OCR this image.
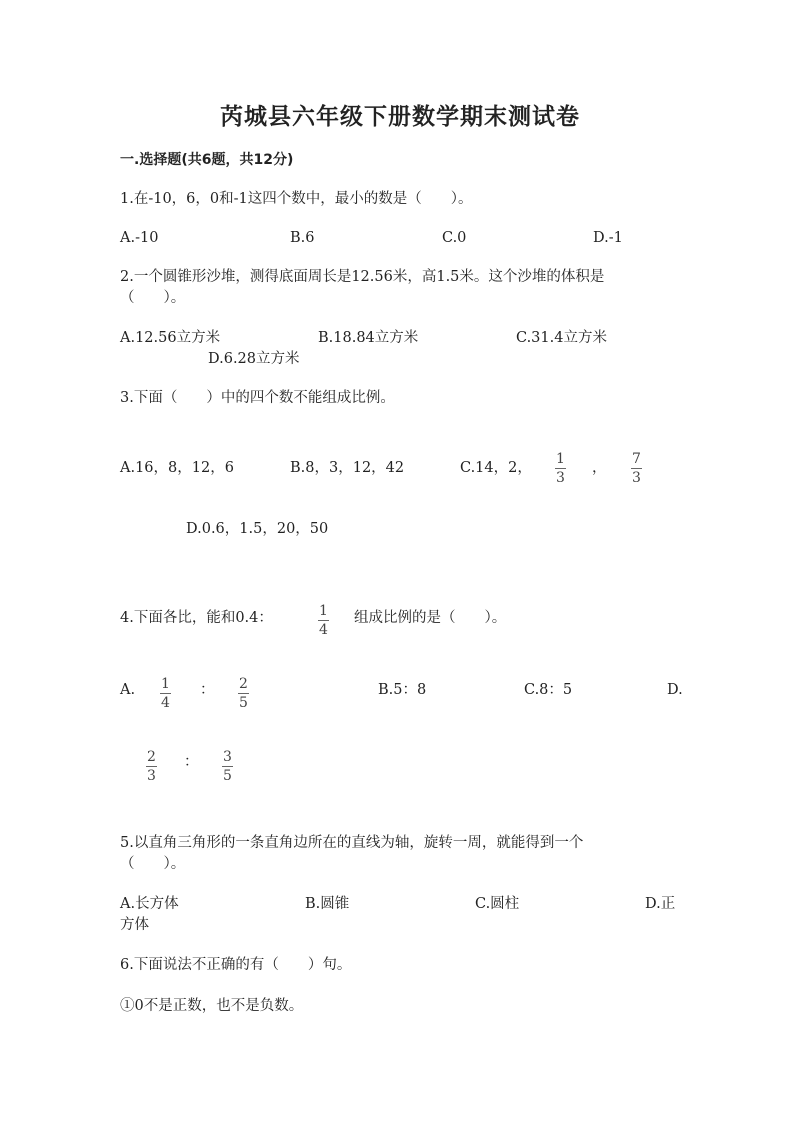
芮城县六年级下册数学期末测试卷
一.选择题(共6题，共12分)
1.在-10，6，0和-1这四个数中，最小的数是（　　）。
A.-10	B.6	C.0	D.-1
2.一个圆锥形沙堆，测得底面周长是12.56米，高1.5米。这个沙堆的体积是
（　　）。
A.12.56立方米	B.18.84立方米	C.31.4立方米
D.6.28立方米
3.下面（　　）中的四个数不能组成比例。
A.16，8，12，6	B.8，3，12，42	C.14，2，
1
3
，
7
3
D.0.6，1.5，20，50
4.下面各比，能和0.4：	1
4
组成比例的是（　　）。
A. 1
4
： 2
5
B.5：8	C.8：5	D.
2
3
： 3
5
5.以直角三角形的一条直角边所在的直线为轴，旋转一周，就能得到一个
（　　）。
A.长方体	B.圆锥	C.圆柱	D.正
方体
6.下面说法不正确的有（　　）句。
①0不是正数，也不是负数。
